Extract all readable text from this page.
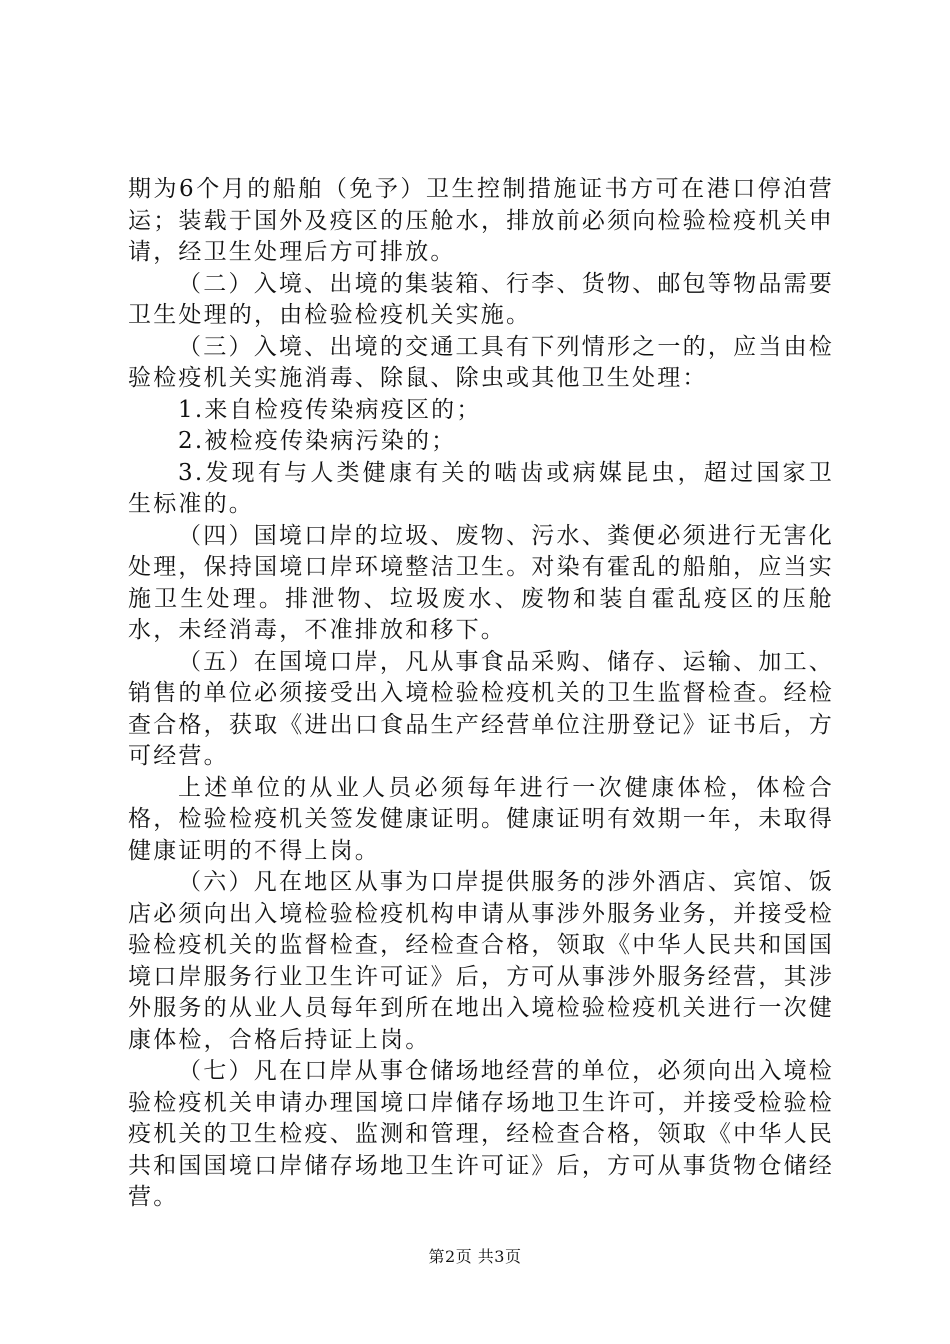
期为6个月的船舶（免予）卫生控制措施证书方可在港口停泊营运；装载于国外及疫区的压舱水，排放前必须向检验检疫机关申请，经卫生处理后方可排放。

（二）入境、出境的集装箱、行李、货物、邮包等物品需要卫生处理的，由检验检疫机关实施。

（三）入境、出境的交通工具有下列情形之一的，应当由检验检疫机关实施消毒、除鼠、除虫或其他卫生处理：

1.来自检疫传染病疫区的；

2.被检疫传染病污染的；

3.发现有与人类健康有关的啮齿或病媒昆虫，超过国家卫生标准的。

（四）国境口岸的垃圾、废物、污水、粪便必须进行无害化处理，保持国境口岸环境整洁卫生。对染有霍乱的船舶，应当实施卫生处理。排泄物、垃圾废水、废物和装自霍乱疫区的压舱水，未经消毒，不准排放和移下。

（五）在国境口岸，凡从事食品采购、储存、运输、加工、销售的单位必须接受出入境检验检疫机关的卫生监督检查。经检查合格，获取《进出口食品生产经营单位注册登记》证书后，方可经营。

上述单位的从业人员必须每年进行一次健康体检，体检合格，检验检疫机关签发健康证明。健康证明有效期一年，未取得健康证明的不得上岗。

（六）凡在地区从事为口岸提供服务的涉外酒店、宾馆、饭店必须向出入境检验检疫机构申请从事涉外服务业务，并接受检验检疫机关的监督检查，经检查合格，领取《中华人民共和国国境口岸服务行业卫生许可证》后，方可从事涉外服务经营，其涉外服务的从业人员每年到所在地出入境检验检疫机关进行一次健康体检，合格后持证上岗。

（七）凡在口岸从事仓储场地经营的单位，必须向出入境检验检疫机关申请办理国境口岸储存场地卫生许可，并接受检验检疫机关的卫生检疫、监测和管理，经检查合格，领取《中华人民共和国国境口岸储存场地卫生许可证》后，方可从事货物仓储经营。

第2页 共3页
